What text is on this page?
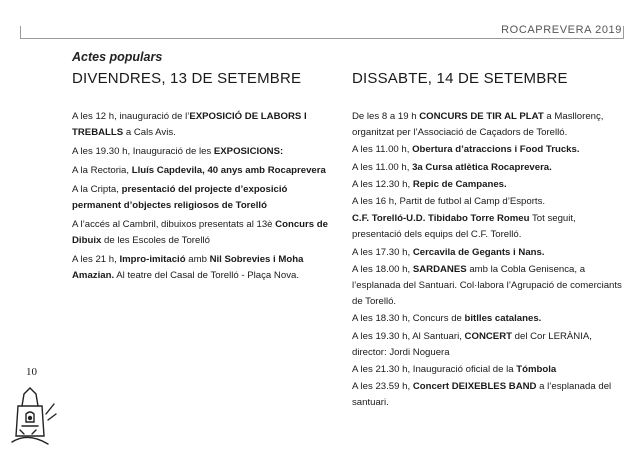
ROCAPREVERA 2019
Actes populars
DIVENDRES, 13 DE SETEMBRE
A les 12 h, inauguració de l’EXPOSICIÓ DE LABORS I TREBALLS a Cals Avis.
A les 19.30 h, Inauguració de les EXPOSICIONS:
A la Rectoria, Lluís Capdevila, 40 anys amb Rocaprevera
A la Cripta, presentació del projecte d’exposició permanent d’objectes religiosos de Torelló
A l’accés al Cambril, dibuixos presentats al 13è Concurs de Dibuix de les Escoles de Torelló
A les 21 h, Impro-imitació amb Nil Sobrevies i Moha Amazian. Al teatre del Casal de Torelló - Plaça Nova.
DISSABTE, 14 DE SETEMBRE
De les 8 a 19 h CONCURS DE TIR AL PLAT a Masllorenç, organitzat per l’Associació de Caçadors de Torelló.
A les 11.00 h, Obertura d’atraccions i Food Trucks.
A les 11.00 h, 3a Cursa atlètica Rocaprevera.
A les 12.30 h, Repic de Campanes.
A les 16 h, Partit de futbol al Camp d’Esports.
C.F. Torelló-U.D. Tibidabo Torre Romeu Tot seguit, presentació dels equips del C.F. Torelló.
A les 17.30 h, Cercavila de Gegants i Nans.
A les 18.00 h, SARDANES amb la Cobla Genisenca, a l’esplanada del Santuari. Col·labora l’Agrupació de comerciants de Torelló.
A les 18.30 h, Concurs de bitlles catalanes.
A les 19.30 h, Al Santuari, CONCERT del Cor LERÀNIA, director: Jordi Noguera
A les 21.30 h, Inauguració oficial de la Tómbola
A les 23.59 h, Concert DEIXEBLES BAND a l’esplanada del santuari.
10
